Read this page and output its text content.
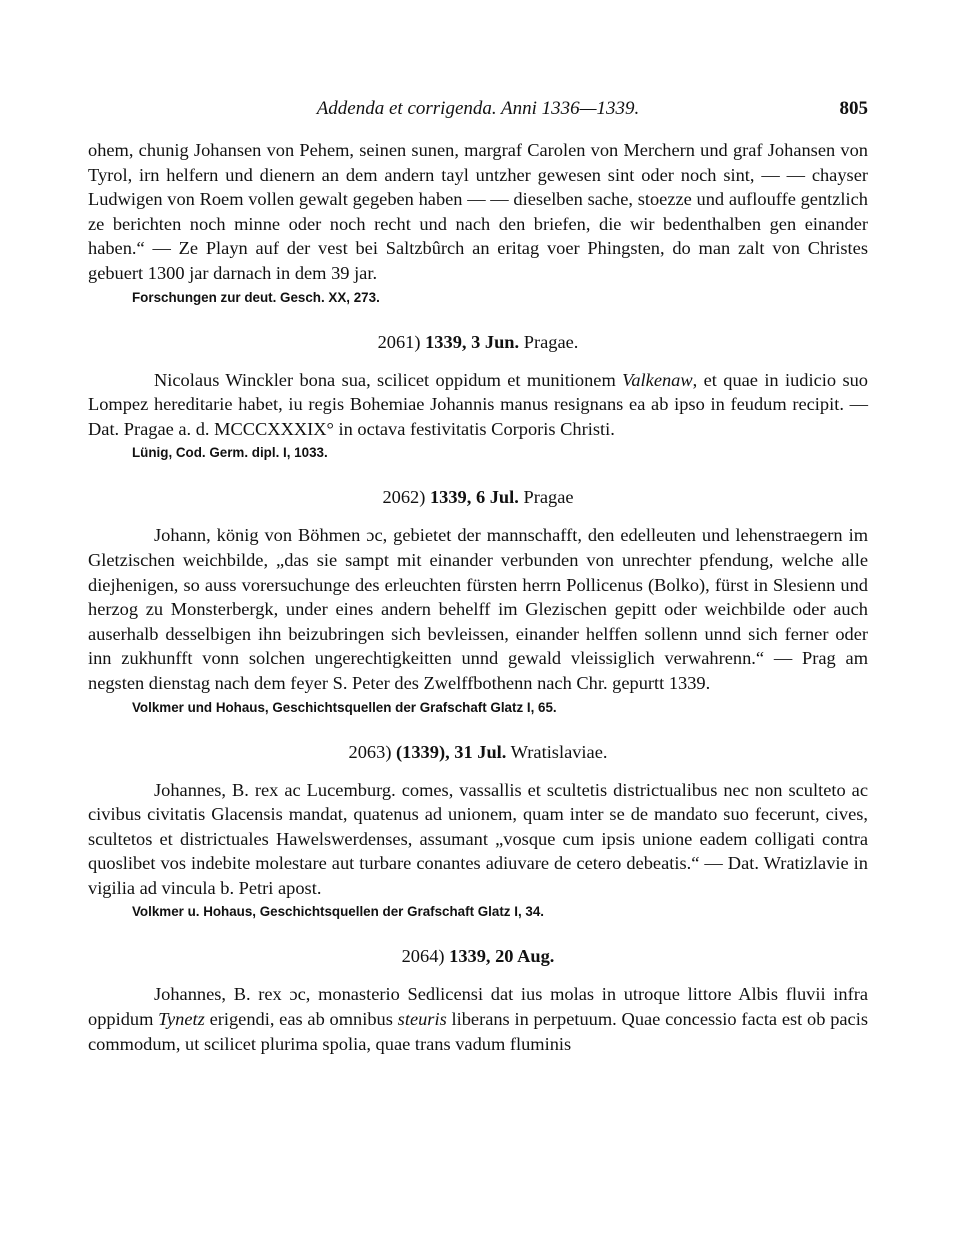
Addenda et corrigenda. Anni 1336—1339.	805

ohem, chunig Johansen von Pehem, seinen sunen, margraf Carolen von Merchern und graf Johansen von Tyrol, irn helfern und dienern an dem andern tayl untzher gewesen sint oder noch sint, — — chayser Ludwigen von Roem vollen gewalt gegeben haben — — dieselben sache, stoezze und auflouffe gentzlich ze berichten noch minne oder noch recht und nach den briefen, die wir bedenthalben gen einander haben.“ — Ze Playn auf der vest bei Saltzbûrch an eritag voer Phingsten, do man zalt von Christes gebuert 1300 jar darnach in dem 39 jar.

Forschungen zur deut. Gesch. XX, 273.
2061) 1339, 3 Jun. Pragae.

Nicolaus Winckler bona sua, scilicet oppidum et munitionem Valkenaw, et quae in iudicio suo Lompez hereditarie habet, iu regis Bohemiae Johannis manus resignans ea ab ipso in feudum recipit. — Dat. Pragae a. d. MCCCXXXIX° in octava festivitatis Corporis Christi.

Lünig, Cod. Germ. dipl. I, 1033.
2062) 1339, 6 Jul. Pragae

Johann, könig von Böhmen ɔc, gebietet der mannschafft, den edelleuten und lehenstraegern im Gletzischen weichbilde, „das sie sampt mit einander verbunden von unrechter pfendung, welche alle diejhenigen, so auss vorersuchunge des erleuchten fürsten herrn Pollicenus (Bolko), fürst in Slesienn und herzog zu Monsterbergk, under eines andern behelff im Glezischen gepitt oder weichbilde oder auch auserhalb desselbigen ihn beizubringen sich bevleissen, einander helffen sollenn unnd sich ferner oder inn zukhunfft vonn solchen ungerechtigkeitten unnd gewald vleissiglich verwahrenn.“ — Prag am negsten dienstag nach dem feyer S. Peter des Zwelffbothenn nach Chr. gepurtt 1339.

Volkmer und Hohaus, Geschichtsquellen der Grafschaft Glatz I, 65.
2063) (1339), 31 Jul. Wratislaviae.

Johannes, B. rex ac Lucemburg. comes, vassallis et scultetis districtualibus nec non sculteto ac civibus civitatis Glacensis mandat, quatenus ad unionem, quam inter se de mandato suo fecerunt, cives, scultetos et districtuales Hawelswerdenses, assumant „vosque cum ipsis unione eadem colligati contra quoslibet vos indebite molestare aut turbare conantes adiuvare de cetero debeatis.“ — Dat. Wratizlavie in vigilia ad vincula b. Petri apost.

Volkmer u. Hohaus, Geschichtsquellen der Grafschaft Glatz I, 34.
2064) 1339, 20 Aug.

Johannes, B. rex ɔc, monasterio Sedlicensi dat ius molas in utroque littore Albis fluvii infra oppidum Tynetz erigendi, eas ab omnibus steuris liberans in perpetuum. Quae concessio facta est ob pacis commodum, ut scilicet plurima spolia, quae trans vadum fluminis
